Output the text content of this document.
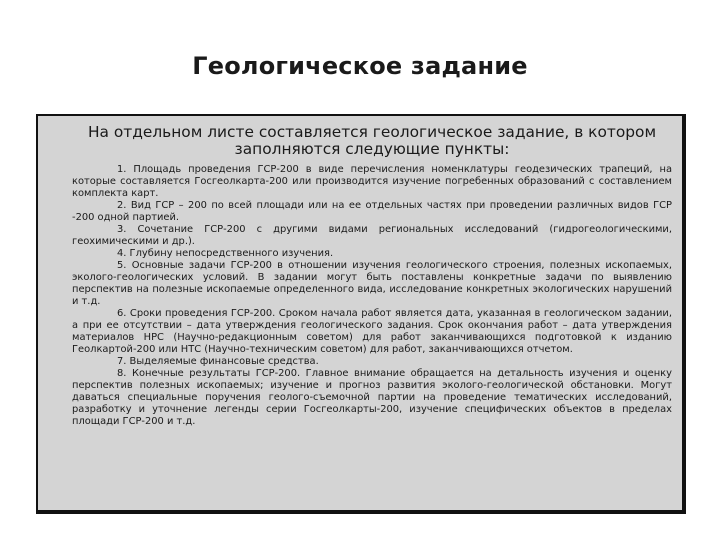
Геологическое задание

На отдельном листе составляется геологическое задание, в котором заполняются следующие пункты:

1. Площадь проведения ГСР-200 в виде перечисления номенклатуры геодезических трапеций, на которые составляется Госгеолкарта-200 или производится изучение погребенных образований с составлением комплекта карт.
2. Вид ГСР – 200 по всей площади или на ее отдельных частях при проведении различных видов ГСР -200 одной партией.
3. Сочетание ГСР-200 с другими видами региональных исследований (гидрогеологическими, геохимическими и др.).
4. Глубину непосредственного изучения.
5. Основные задачи ГСР-200 в отношении изучения геологического строения, полезных ископаемых, эколого-геологических условий. В задании могут быть поставлены конкретные задачи по выявлению перспектив на полезные ископаемые определенного вида, исследование конкретных экологических нарушений и т.д.
6. Сроки проведения ГСР-200. Сроком начала работ является дата, указанная в геологическом задании, а при ее отсутствии – дата утверждения геологического задания. Срок окончания работ – дата утверждения материалов НРС (Научно-редакционным советом) для работ заканчивающихся подготовкой к изданию Геолкартой-200 или НТС (Научно-техническим советом) для работ, заканчивающихся отчетом.
7. Выделяемые финансовые средства.
8. Конечные результаты ГСР-200. Главное внимание обращается на детальность изучения и оценку перспектив полезных ископаемых; изучение и прогноз развития эколого-геологической обстановки. Могут даваться специальные поручения геолого-съемочной партии на проведение тематических исследований, разработку и уточнение легенды серии Госгеолкарты-200, изучение специфических объектов в пределах площади ГСР-200 и т.д.
